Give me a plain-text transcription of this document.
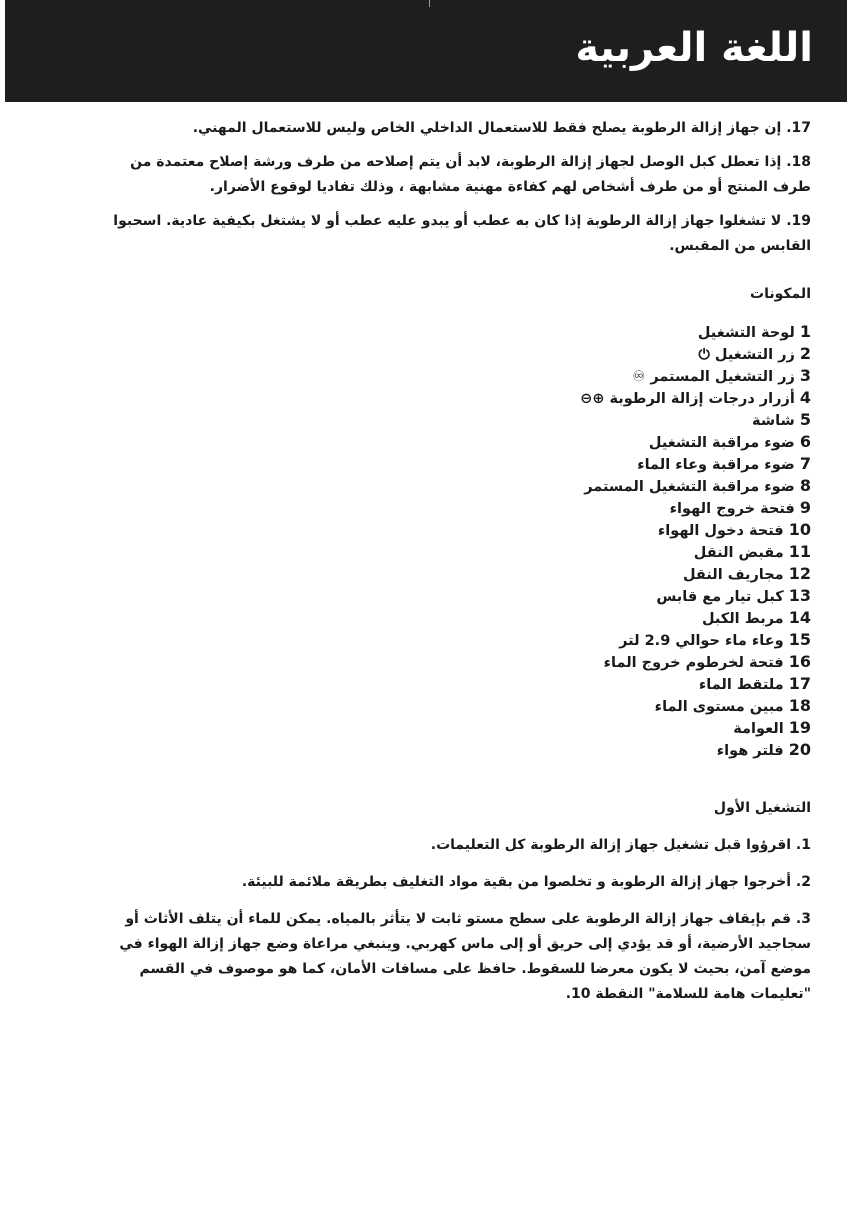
اللغة العربية

17. إن جهاز إزالة الرطوبة يصلح فقط للاستعمال الداخلي الخاص وليس للاستعمال المهني.

18. إذا تعطل كبل الوصل لجهاز إزالة الرطوبة، لابد أن يتم إصلاحه من طرف ورشة إصلاح معتمدة من طرف المنتج أو من طرف أشخاص لهم كفاءة مهنية مشابهة ، وذلك تفاديا لوقوع الأضرار.

19. لا تشغلوا جهاز إزالة الرطوبة إذا كان به عطب أو يبدو عليه عطب أو لا يشتغل بكيفية عادية. اسحبوا القابس من المقبس.

المكونات
1 لوحة التشغيل
2 زر التشغيل ⏻
3 زر التشغيل المستمر ♾
4 أزرار درجات إزالة الرطوبة ⊕⊖
5 شاشة
6 ضوء مراقبة التشغيل
7 ضوء مراقبة وعاء الماء
8 ضوء مراقبة التشغيل المستمر
9 فتحة خروج الهواء
10 فتحة دخول الهواء
11 مقبض النقل
12 مجاريف النقل
13 كبل تيار مع قابس
14 مربط الكبل
15 وعاء ماء حوالي 2.9 لتر
16 فتحة لخرطوم خروج الماء
17 ملتقط الماء
18 مبين مستوى الماء
19 العوامة
20 فلتر هواء
التشغيل الأول

1. اقرؤوا قبل تشغيل جهاز إزالة الرطوبة كل التعليمات.

2. أخرجوا جهاز إزالة الرطوبة و تخلصوا من بقية مواد التغليف بطريقة ملائمة للبيئة.

3. قم بإيقاف جهاز إزالة الرطوبة على سطح مستو ثابت لا يتأثر بالمياه. يمكن للماء أن يتلف الأثاث أو سجاجيد الأرضية، أو قد يؤدي إلى حريق أو إلى ماس كهربي. وينبغي مراعاة وضع جهاز إزالة الهواء في موضع آمن، بحيث لا يكون معرضا للسقوط. حافظ على مسافات الأمان، كما هو موصوف في القسم "تعليمات هامة للسلامة" النقطة 10.
